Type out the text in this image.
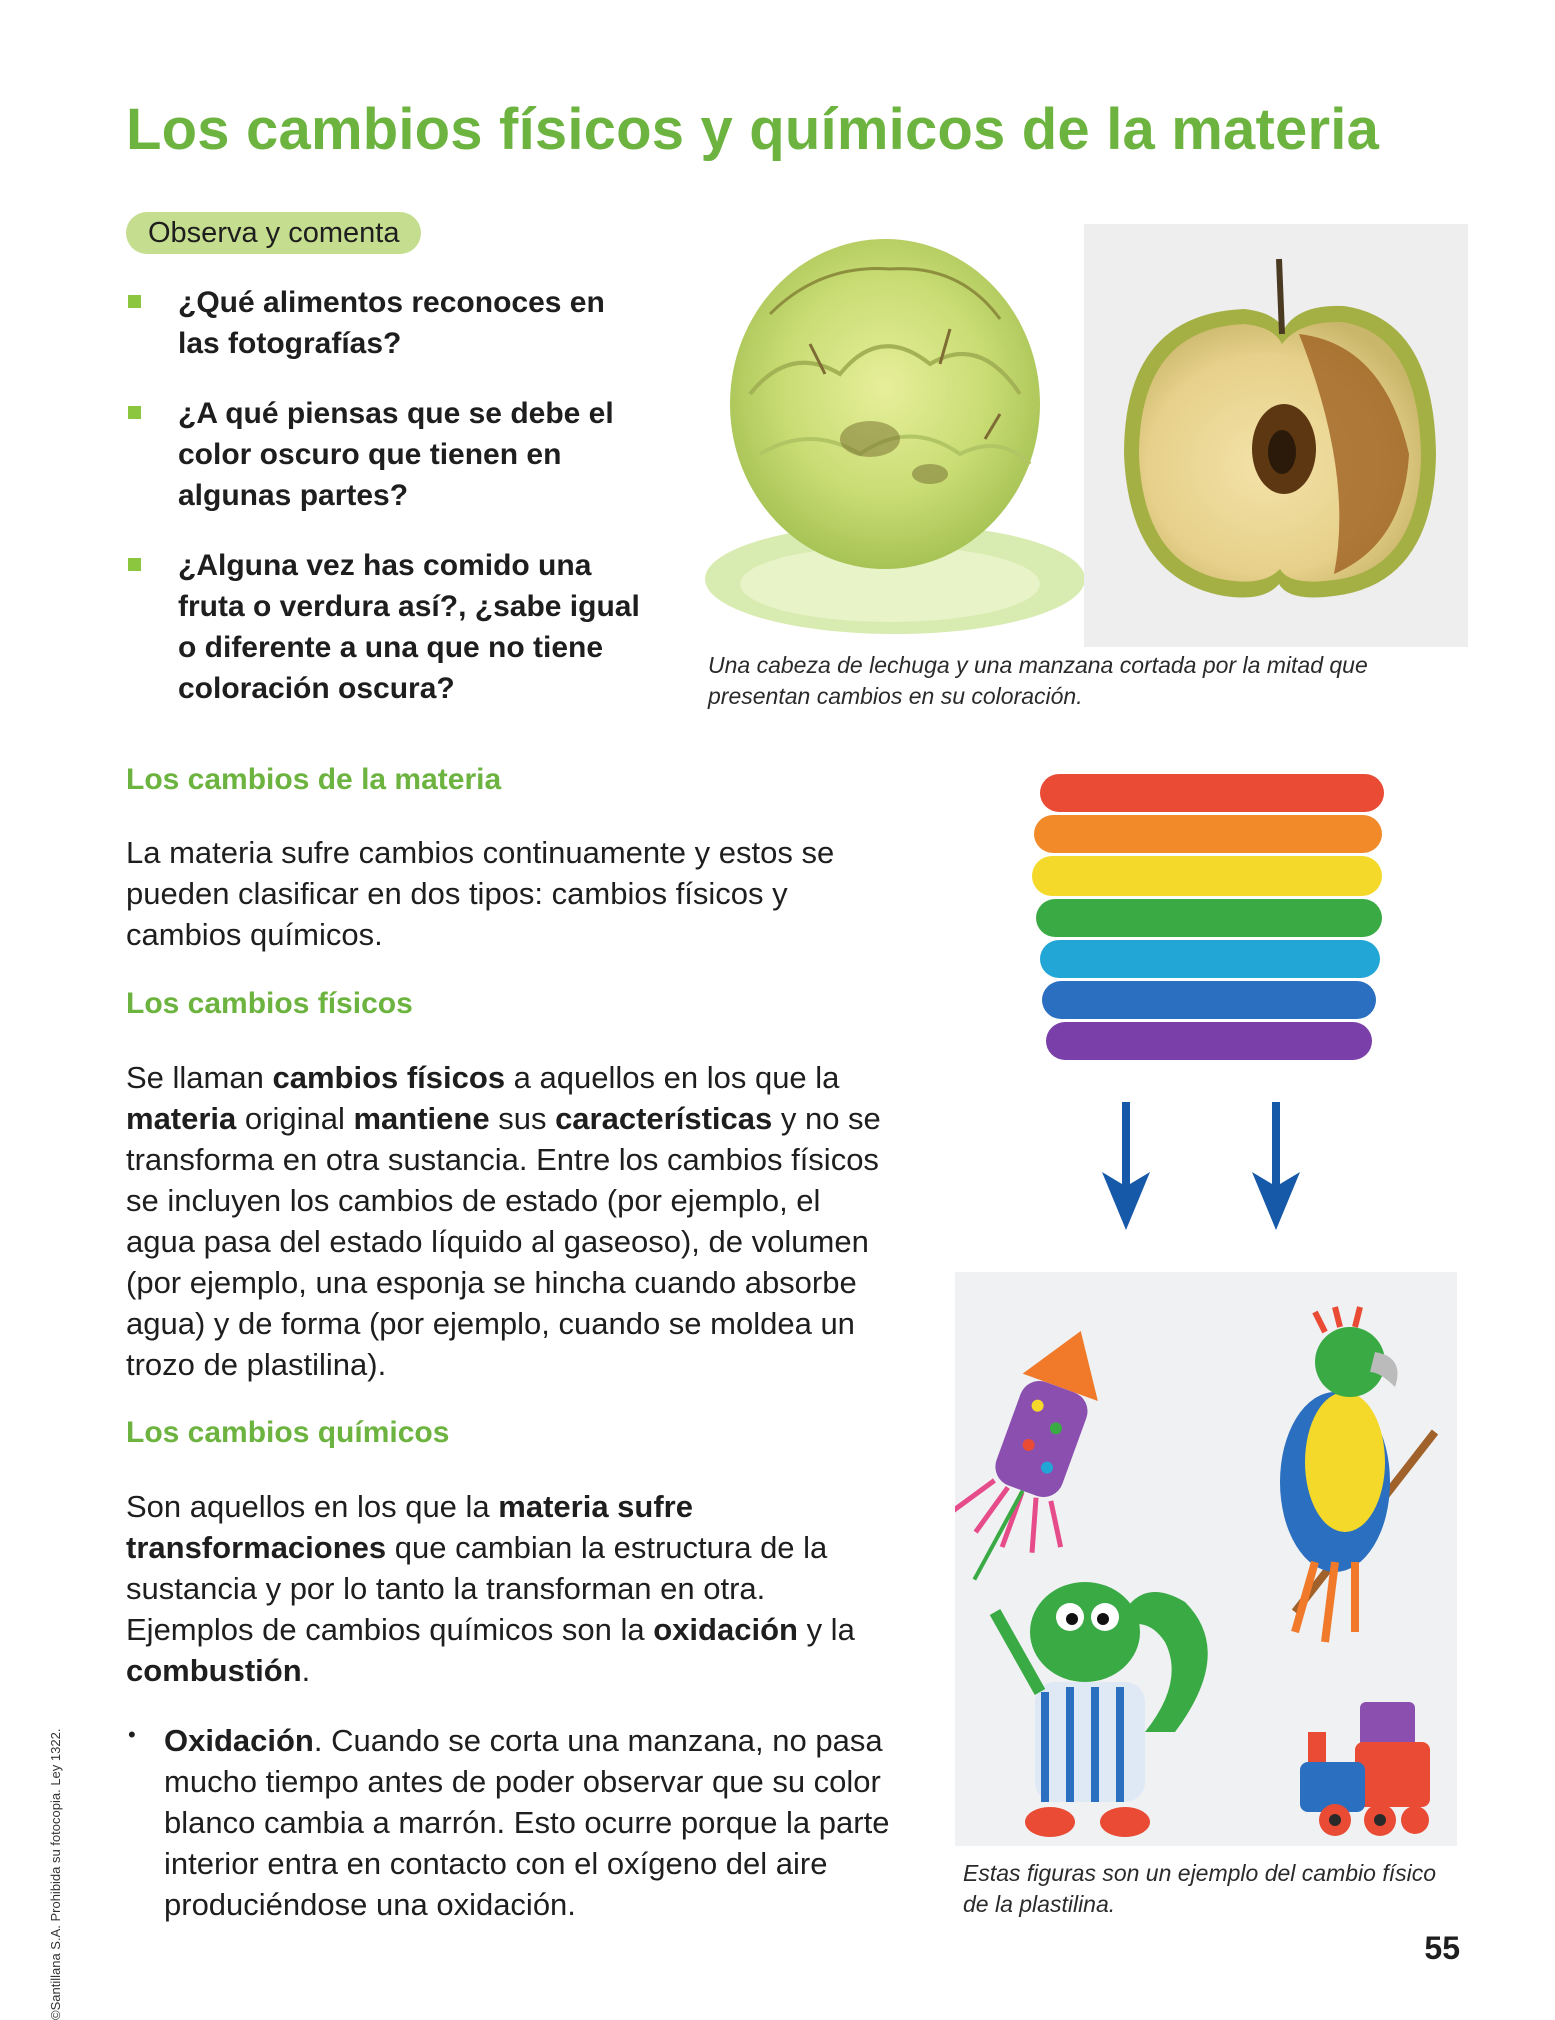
Los cambios físicos y químicos de la materia
Observa y comenta
¿Qué alimentos reconoces en las fotografías?
¿A qué piensas que se debe el color oscuro que tienen en algunas partes?
¿Alguna vez has comido una fruta o verdura así?, ¿sabe igual o diferente a una que no tiene coloración oscura?
Una cabeza de lechuga y una manzana cortada por la mitad que presentan cambios en su coloración.
Los cambios de la materia

La materia sufre cambios continuamente y estos se pueden clasificar en dos tipos: cambios físicos y cambios químicos.

Los cambios físicos

Se llaman cambios físicos a aquellos en los que la materia original mantiene sus características y no se transforma en otra sustancia. Entre los cambios físicos se incluyen los cambios de estado (por ejemplo, el agua pasa del estado líquido al gaseoso), de volumen (por ejemplo, una esponja se hincha cuando absorbe agua) y de forma (por ejemplo, cuando se moldea un trozo de plastilina).

Los cambios químicos

Son aquellos en los que la materia sufre transformaciones que cambian la estructura de la sustancia y por lo tanto la transforman en otra. Ejemplos de cambios químicos son la oxidación y la combustión.

• Oxidación. Cuando se corta una manzana, no pasa mucho tiempo antes de poder observar que su color blanco cambia a marrón. Esto ocurre porque la parte interior entra en contacto con el oxígeno del aire produciéndose una oxidación.

Estas figuras son un ejemplo del cambio físico de la plastilina.
©Santillana S.A. Prohibida su fotocopia. Ley 1322.	55
